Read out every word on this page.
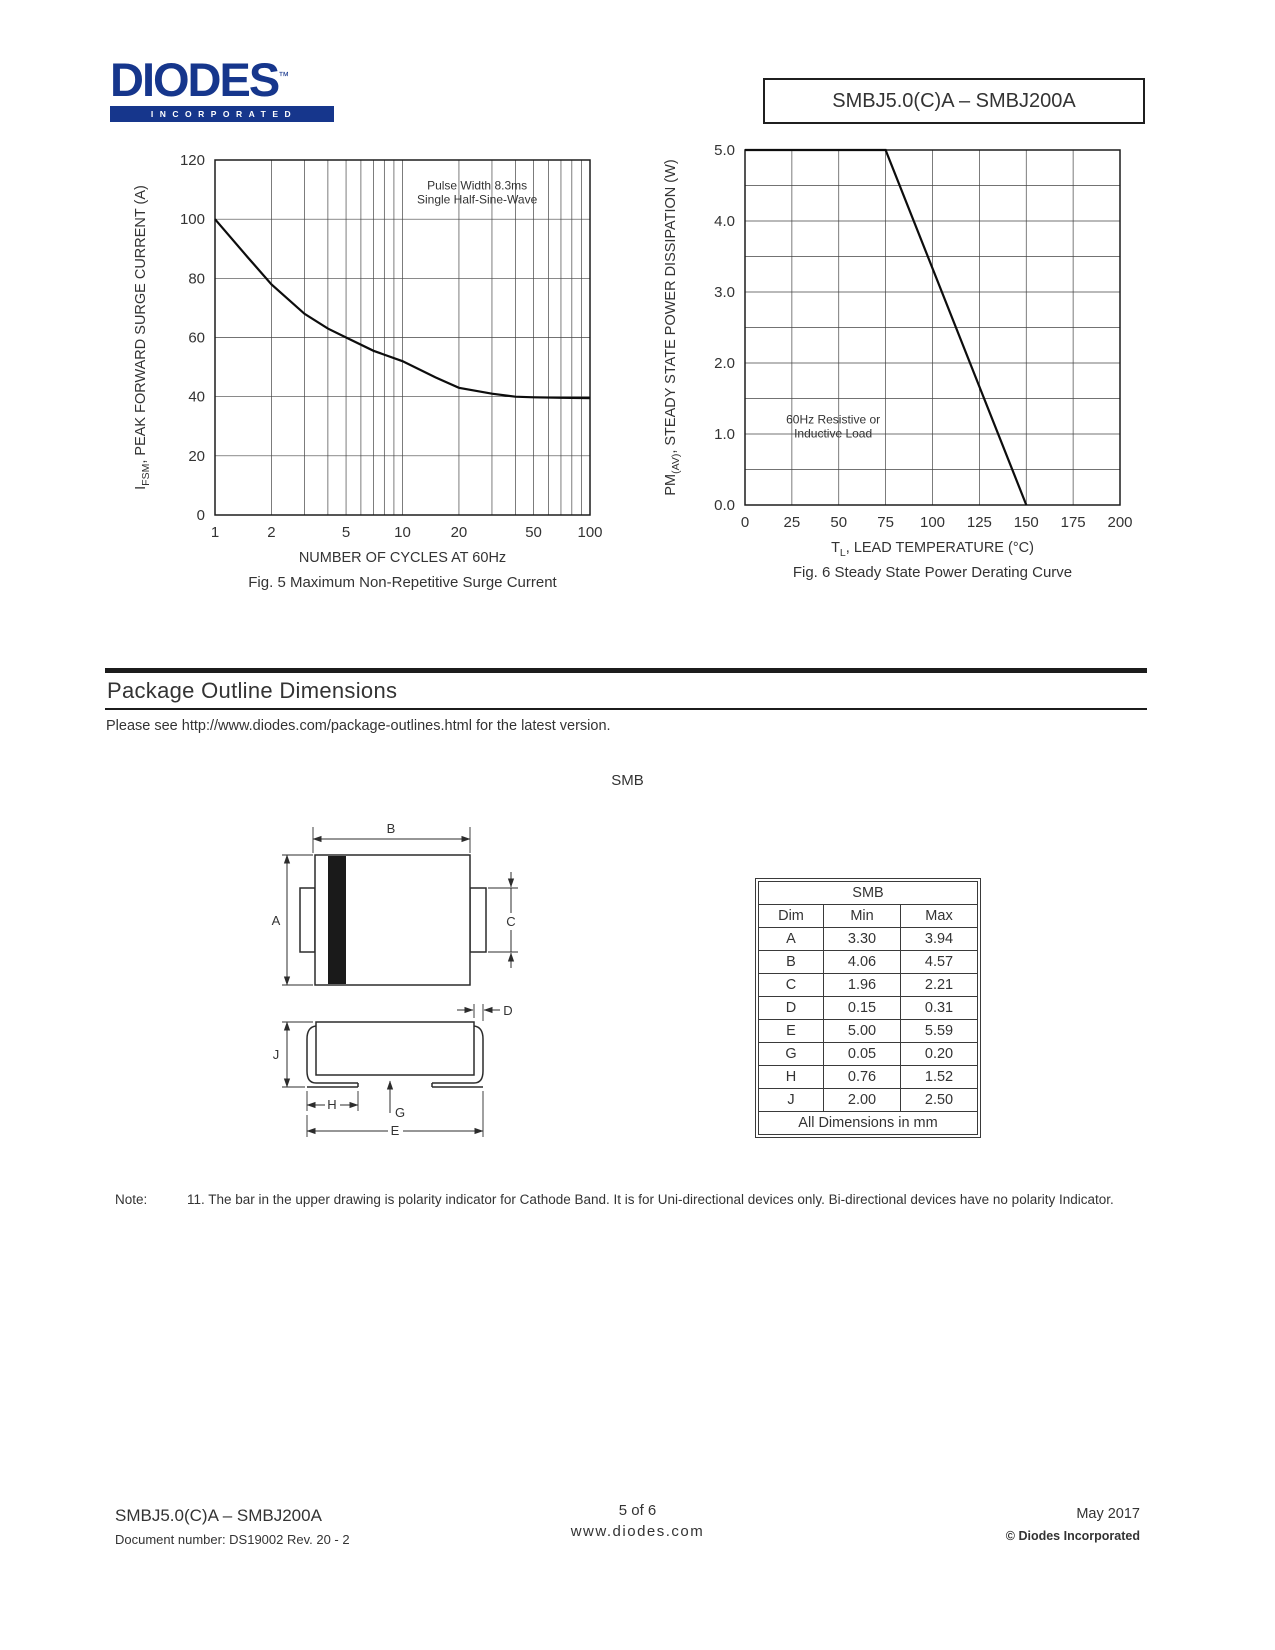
DIODES™
INCORPORATED
SMBJ5.0(C)A – SMBJ200A
1	2	5	10	20	50 100
0
20
40
60
80
100
120
Pulse Width 8.3ms Single Half-Sine-Wave
NUMBER OF CYCLES AT 60Hz
$I_{FSM}$, PEAK FORWARD SURGE CURRENT (A)
Fig. 5 Maximum Non-Repetitive Surge Current
0 25 50 75 100 125 150 175 200
0.0
1.0
2.0
3.0
4.0
5.0
60Hz Resistive or Inductive Load
$T_L$, LEAD TEMPERATURE (°C)
$PM_{(AV)}$, STEADY STATE POWER DISSIPATION (W)
Fig. 6 Steady State Power Derating Curve
Package Outline Dimensions
Please see http://www.diodes.com/package-outlines.html for the latest version.
SMB
B
A	C
D
J
H
G
E
SMB		
Dim	Min	Max
A	3.30	3.94
B	4.06	4.57
C	1.96	2.21
D	0.15	0.31
E	5.00	5.59
G	0.05	0.20
H	0.76	1.52
J	2.00	2.50
All Dimensions in mm		
Note:	11. The bar in the upper drawing is polarity indicator for Cathode Band. It is for Uni-directional devices only. Bi-directional devices have no polarity Indicator.
SMBJ5.0(C)A – SMBJ200A
Document number: DS19002 Rev. 20 - 2
5 of 6
www.diodes.com
May 2017
© Diodes Incorporated
